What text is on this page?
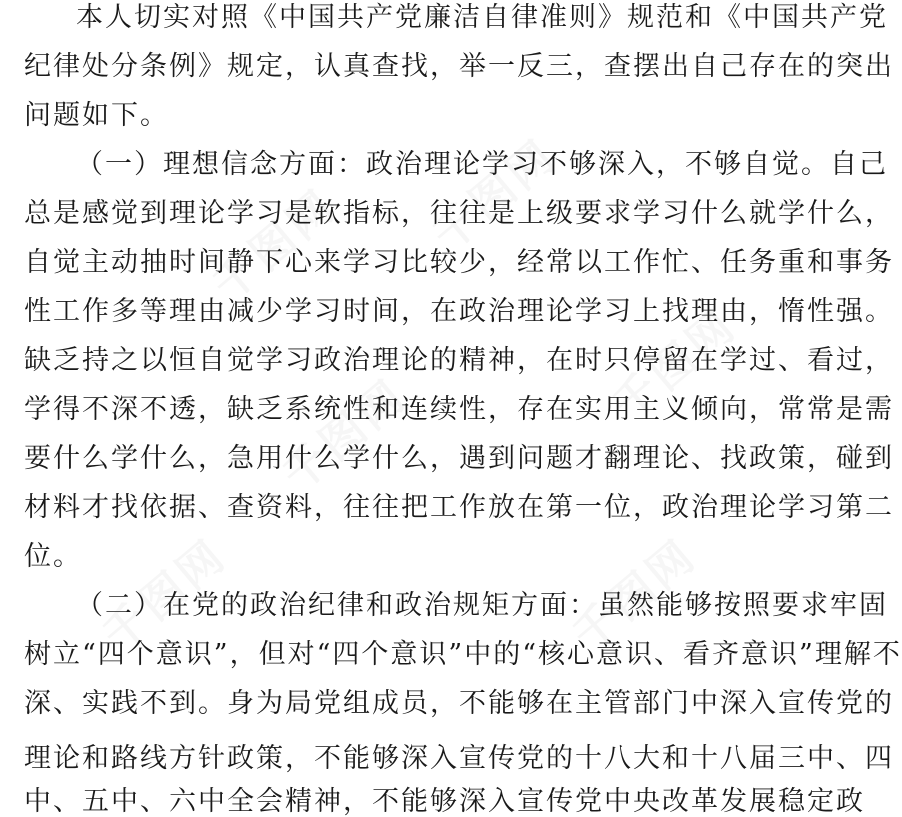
千图网 千图网
千图网
千图网
千图网	千图网
本人切实对照《中国共产党廉洁自律准则》规范和《中国共产党
纪律处分条例》规定，认真查找，举一反三，查摆出自己存在的突出
问题如下。
（一）理想信念方面：政治理论学习不够深入，不够自觉。自己
总是感觉到理论学习是软指标，往往是上级要求学习什么就学什么，
自觉主动抽时间静下心来学习比较少，经常以工作忙、任务重和事务
性工作多等理由减少学习时间，在政治理论学习上找理由，惰性强。
缺乏持之以恒自觉学习政治理论的精神，在时只停留在学过、看过，
学得不深不透，缺乏系统性和连续性，存在实用主义倾向，常常是需
要什么学什么，急用什么学什么，遇到问题才翻理论、找政策，碰到
材料才找依据、查资料，往往把工作放在第一位，政治理论学习第二
位。
（二）在党的政治纪律和政治规矩方面：虽然能够按照要求牢固
树立“四个意识”，但对“四个意识”中的“核心意识、看齐意识”理解不
深、实践不到。身为局党组成员，不能够在主管部门中深入宣传党的
理论和路线方针政策，不能够深入宣传党的十八大和十八届三中、四
中、五中、六中全会精神，不能够深入宣传党中央改革发展稳定政
